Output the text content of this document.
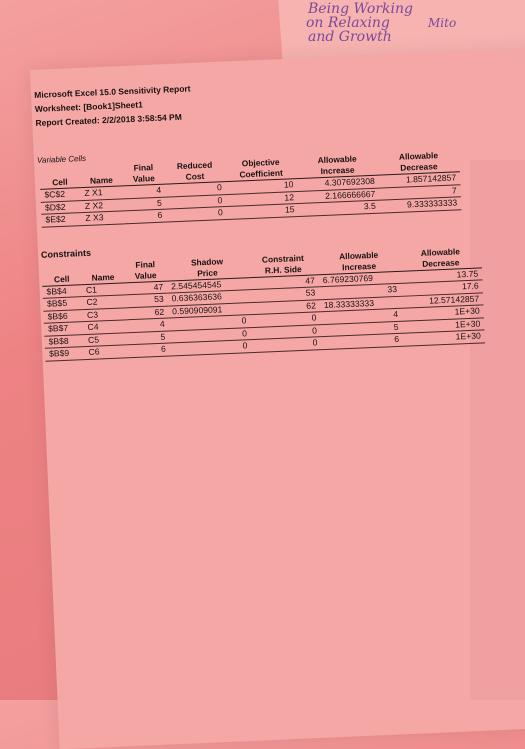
Being Working
on Relaxing
and Growth
Mito
Microsoft Excel 15.0 Sensitivity Report
Worksheet: [Book1]Sheet1
Report Created: 2/2/2018 3:58:54 PM
Variable Cells
		Final	Reduced	Objective	Allowable	Allowable
Cell	Name	Value	Cost	Coefficient	Increase	Decrease
$C$2	Z X1	4	0	10	4.307692308	1.857142857
$D$2	Z X2	5	0	12	2.166666667	7
$E$2	Z X3	6	0	15	3.5	9.333333333
Constraints
		Final	Shadow	Constraint	Allowable	Allowable
Cell	Name	Value	Price	R.H. Side	Increase	Decrease
$B$4	C1	47	2.545454545	47	6.769230769	13.75
$B$5	C2	53	0.636363636	53	33	17.6
$B$6	C3	62	0.590909091	62	18.33333333	12.57142857
$B$7	C4	4	0	0	4	1E+30
$B$8	C5	5	0	0	5	1E+30
$B$9	C6	6	0	0	6	1E+30
